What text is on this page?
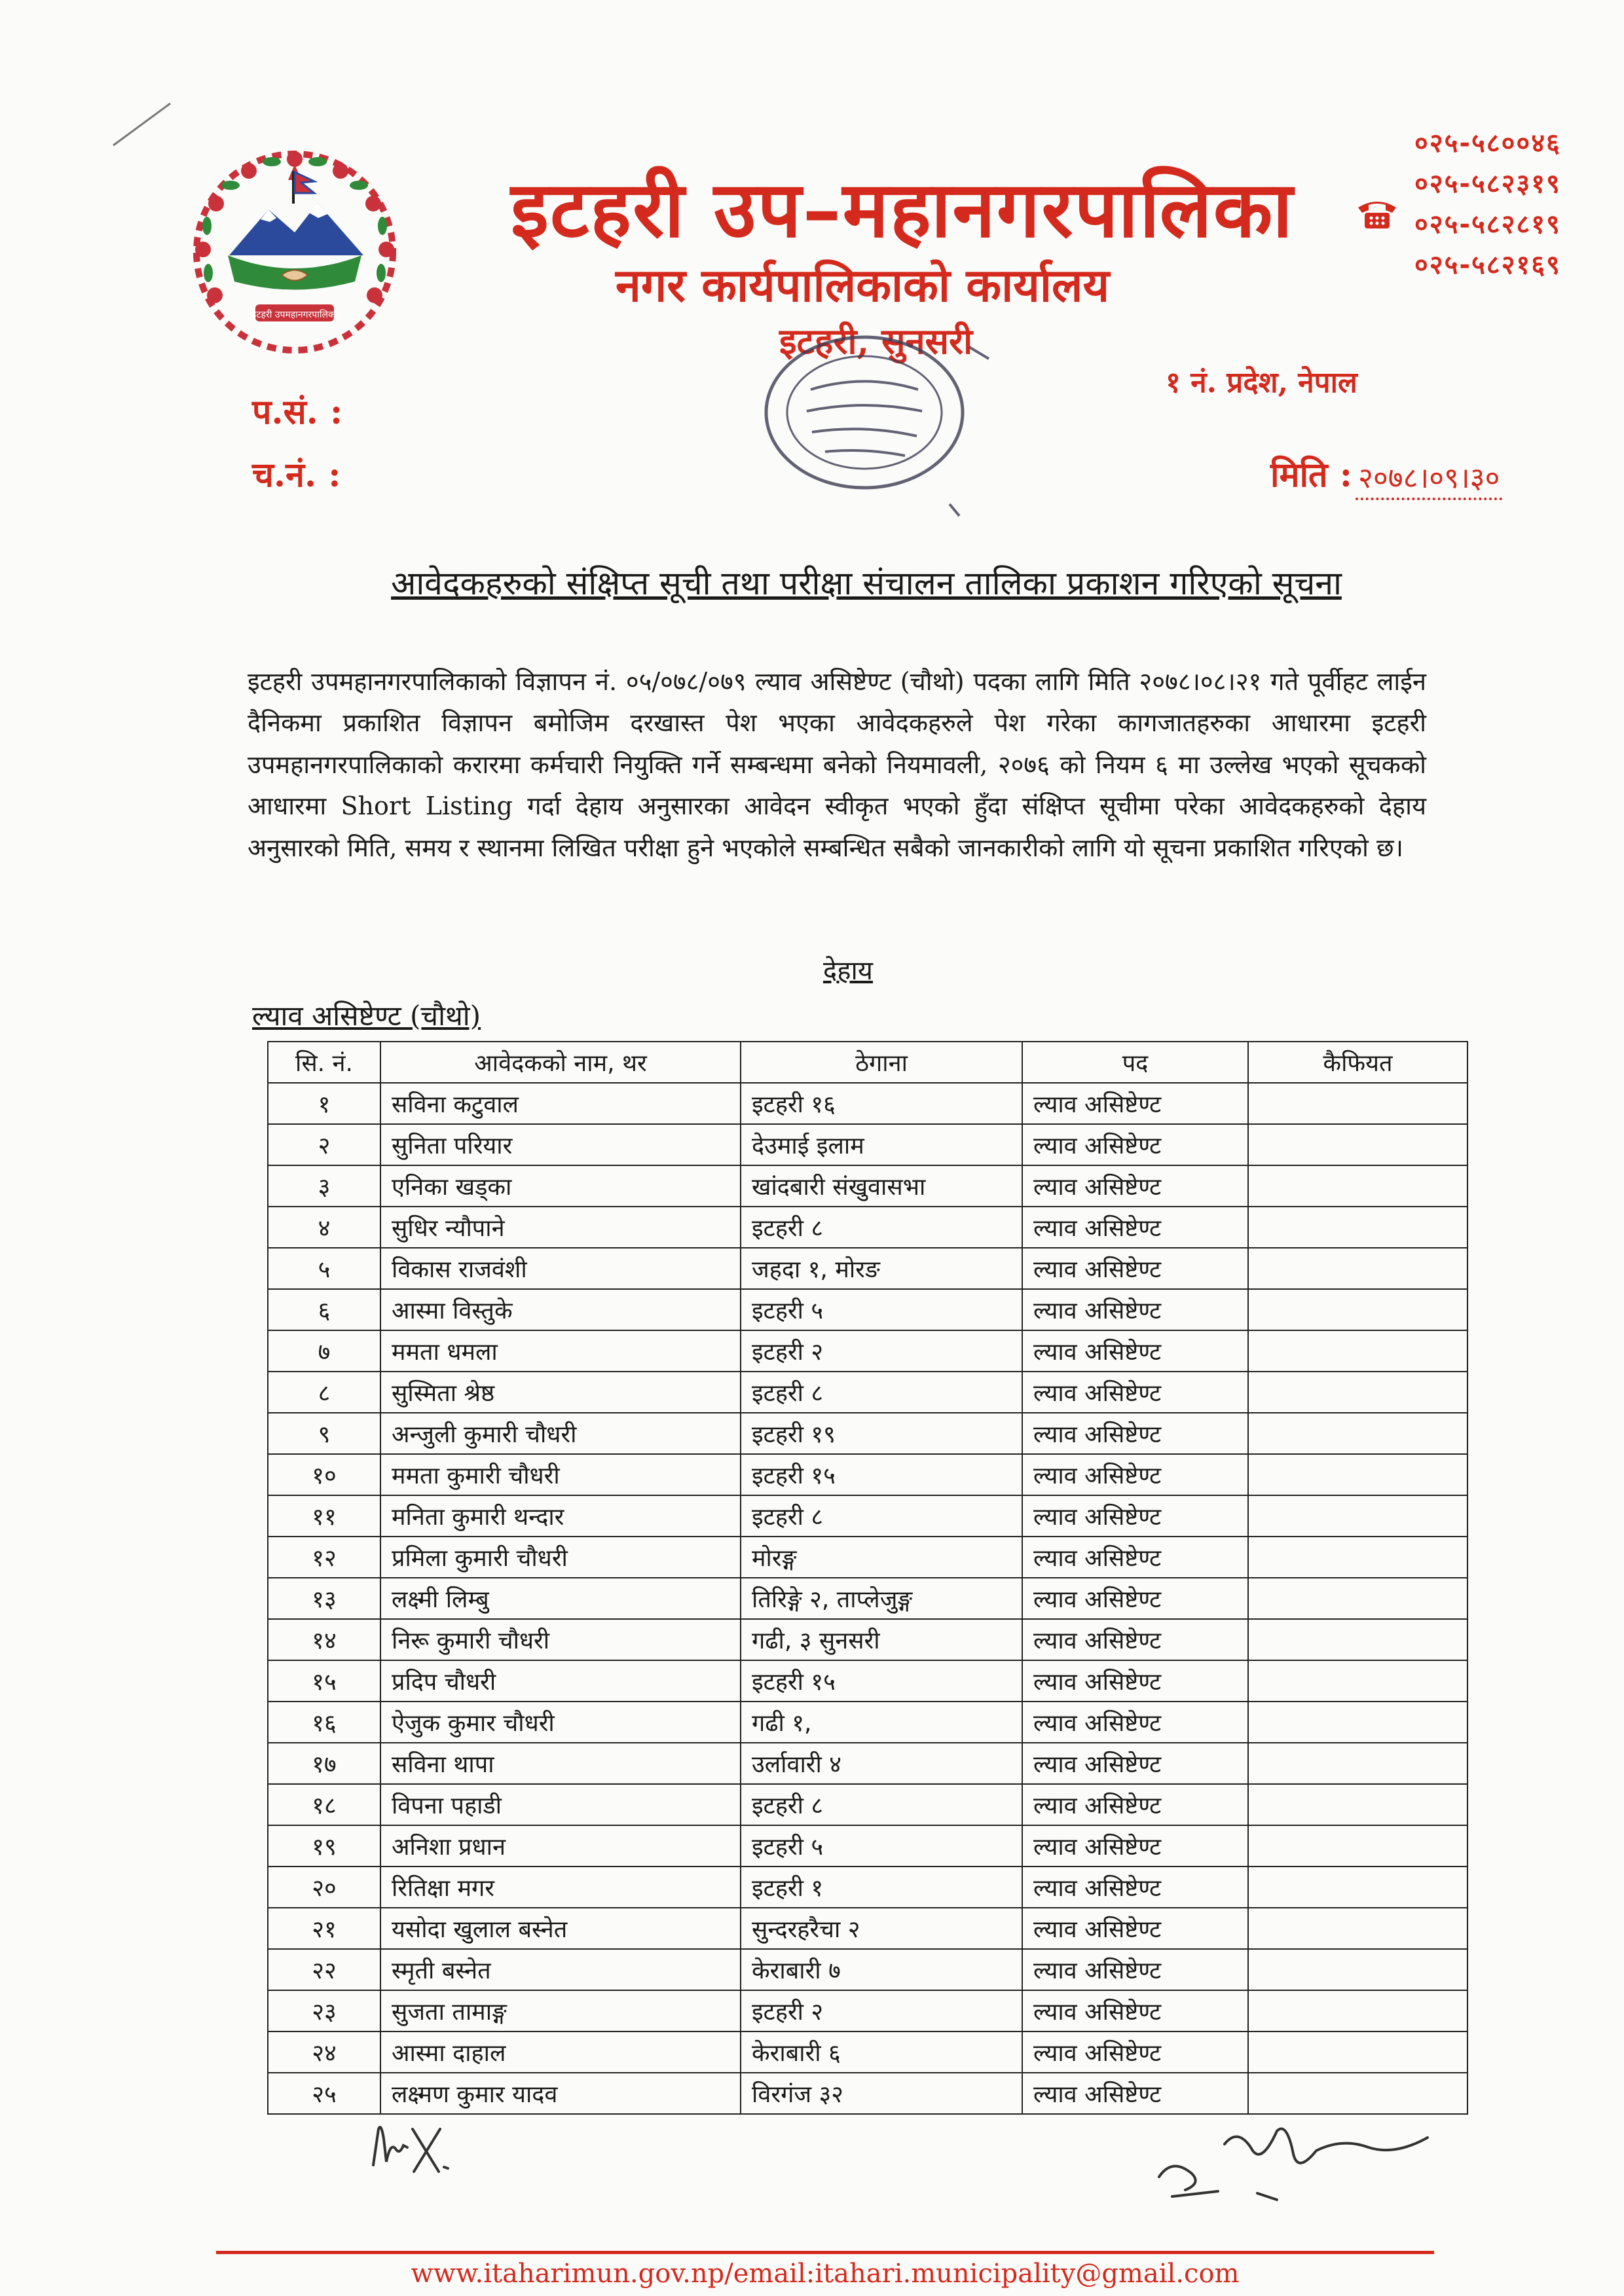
इटहरी उपमहानगरपालिका
इटहरी उप–महानगरपालिका
नगर कार्यपालिकाको कार्यालय
इटहरी, सुनसरी
०२५-५८००४६
०२५-५८२३१९
०२५-५८२८१९
०२५-५८२१६९
१ नं. प्रदेश, नेपाल
प.सं. :
च.नं. :	मिति : २०७८।०९।३०
आवेदकहरुको संक्षिप्त सूची तथा परीक्षा संचालन तालिका प्रकाशन गरिएको सूचना
इटहरी उपमहानगरपालिकाको विज्ञापन नं. ०५/०७८/०७९ ल्याव असिष्टेण्ट (चौथो) पदका लागि मिति २०७८।०८।२१ गते पूर्वीहट लाईन दैनिकमा प्रकाशित विज्ञापन बमोजिम दरखास्त पेश भएका आवेदकहरुले पेश गरेका कागजातहरुका आधारमा इटहरी उपमहानगरपालिकाको करारमा कर्मचारी नियुक्ति गर्ने सम्बन्धमा बनेको नियमावली, २०७६ को नियम ६ मा उल्लेख भएको सूचकको आधारमा Short Listing गर्दा देहाय अनुसारका आवेदन स्वीकृत भएको हुँदा संक्षिप्त सूचीमा परेका आवेदकहरुको देहाय अनुसारको मिति, समय र स्थानमा लिखित परीक्षा हुने भएकोले सम्बन्धित सबैको जानकारीको लागि यो सूचना प्रकाशित गरिएको छ।
देहाय
ल्याव असिष्टेण्ट (चौथो)
सि. नं.	आवेदकको नाम, थर	ठेगाना	पद	कैफियत
१	सविना कटुवाल	इटहरी १६	ल्याव असिष्टेण्ट	
२	सुनिता परियार	देउमाई इलाम	ल्याव असिष्टेण्ट	
३	एनिका खड्का	खांदबारी संखुवासभा	ल्याव असिष्टेण्ट	
४	सुधिर न्यौपाने	इटहरी ८	ल्याव असिष्टेण्ट	
५	विकास राजवंशी	जहदा १, मोरङ	ल्याव असिष्टेण्ट	
६	आस्मा विस्तुके	इटहरी ५	ल्याव असिष्टेण्ट	
७	ममता धमला	इटहरी २	ल्याव असिष्टेण्ट	
८	सुस्मिता श्रेष्ठ	इटहरी ८	ल्याव असिष्टेण्ट	
९	अन्जुली कुमारी चौधरी	इटहरी १९	ल्याव असिष्टेण्ट	
१०	ममता कुमारी चौधरी	इटहरी १५	ल्याव असिष्टेण्ट	
११	मनिता कुमारी थन्दार	इटहरी ८	ल्याव असिष्टेण्ट	
१२	प्रमिला कुमारी चौधरी	मोरङ्ग	ल्याव असिष्टेण्ट	
१३	लक्ष्मी लिम्बु	तिरिङ्गे २, ताप्लेजुङ्ग	ल्याव असिष्टेण्ट	
१४	निरू कुमारी चौधरी	गढी, ३ सुनसरी	ल्याव असिष्टेण्ट	
१५	प्रदिप चौधरी	इटहरी १५	ल्याव असिष्टेण्ट	
१६	ऐजुक कुमार चौधरी	गढी १,	ल्याव असिष्टेण्ट	
१७	सविना थापा	उर्लावारी ४	ल्याव असिष्टेण्ट	
१८	विपना पहाडी	इटहरी ८	ल्याव असिष्टेण्ट	
१९	अनिशा प्रधान	इटहरी ५	ल्याव असिष्टेण्ट	
२०	रितिक्षा मगर	इटहरी १	ल्याव असिष्टेण्ट	
२१	यसोदा खुलाल बस्नेत	सुन्दरहरैचा २	ल्याव असिष्टेण्ट	
२२	स्मृती बस्नेत	केराबारी ७	ल्याव असिष्टेण्ट	
२३	सुजता तामाङ्ग	इटहरी २	ल्याव असिष्टेण्ट	
२४	आस्मा दाहाल	केराबारी ६	ल्याव असिष्टेण्ट	
२५	लक्ष्मण कुमार यादव	विरगंज ३२	ल्याव असिष्टेण्ट	
www.itaharimun.gov.np/email:itahari.municipality@gmail.com
